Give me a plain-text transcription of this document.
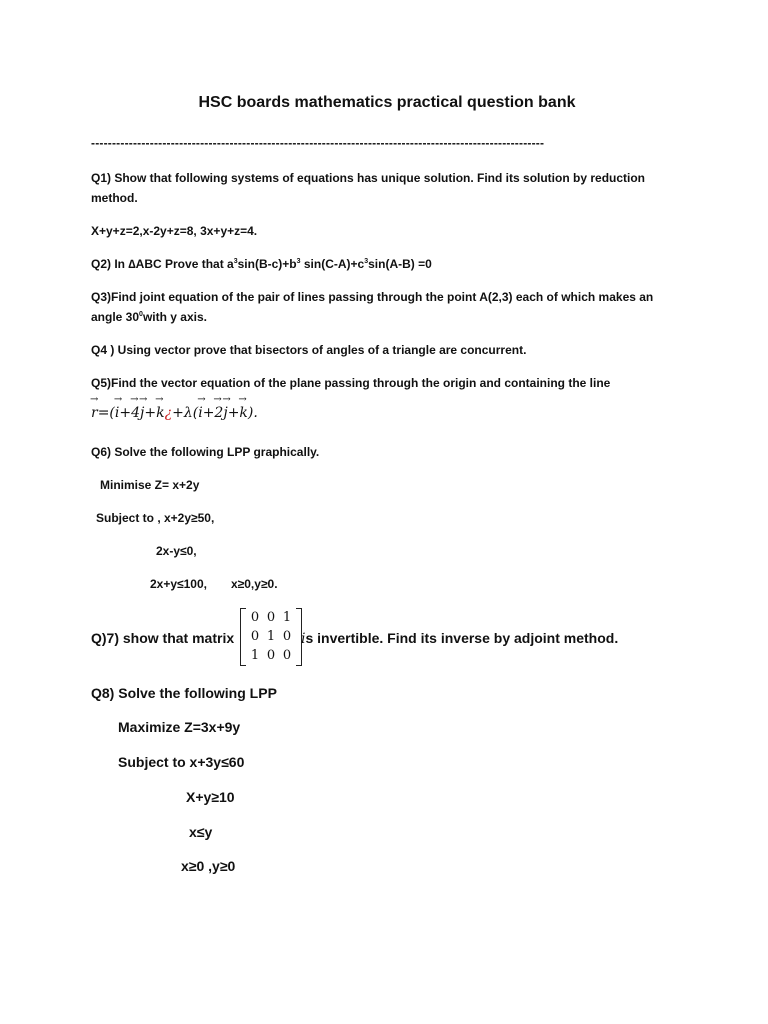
HSC boards mathematics practical question bank
------------------------------------------------------------------------------------------------------------
Q1) Show that following systems of equations has unique solution. Find its solution by reduction
method.
X+y+z=2,x-2y+z=8, 3x+y+z=4.
Q2) In ∆ABC Prove that $a^3\sin(B-c)+b^3$ $\sin(C-A)+c^3\sin(A-B) =0$
Q3)Find joint equation of the pair of lines passing through the point A(2,3) each of which makes an
angle $30^0with$ y axis.
Q4 ) Using vector prove that bisectors of angles of a triangle are concurrent.
Q5)Find the vector equation of the plane passing through the origin and containing the line
→ r=(→ i+→ 4→ j+→ k¿+λ(→ i+→ 2→ j+→ k).
Q6) Solve the following LPP graphically.
Minimise Z= x+2y
Subject to , x+2y≥50,
2x-y≤0,
2x+y≤100, x≥0,y≥0.
Q)7) show that matrix
0 0 1
0 1 0
1 0 0
is invertible. Find its inverse by adjoint method.
Q8) Solve the following LPP
Maximize Z=3x+9y
Subject to x+3y≤60
X+y≥10
x≤y
x≥0 ,y≥0
